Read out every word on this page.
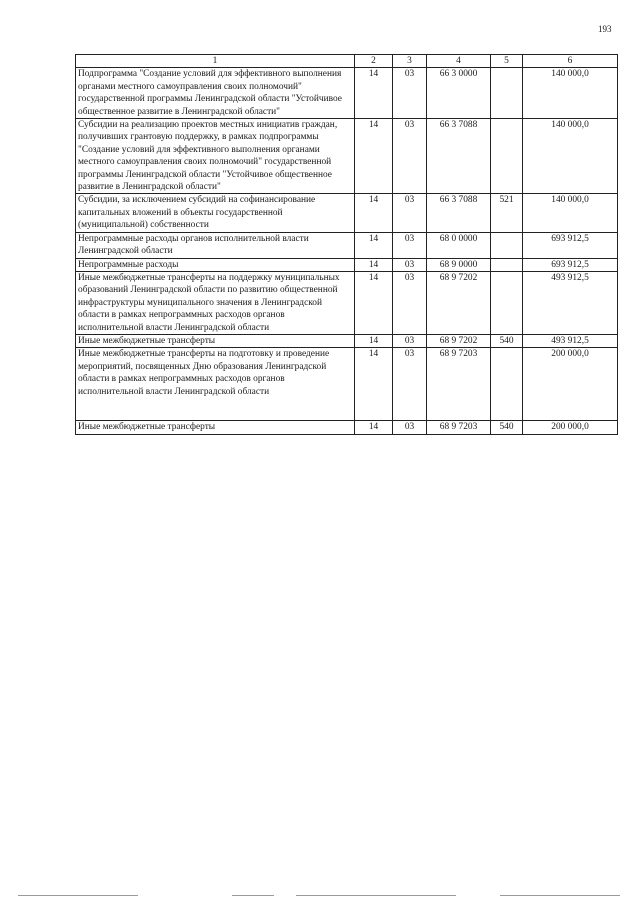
193
1	2	3	4	5	6
Подпрограмма "Создание условий для эффективного выполнения органами местного самоуправления своих полномочий" государственной программы Ленинградской области "Устойчивое общественное развитие в Ленинградской области"	14	03	66 3 0000		140 000,0
Субсидии на реализацию проектов местных инициатив граждан, получивших грантовую поддержку, в рамках подпрограммы "Создание условий для эффективного выполнения органами местного самоуправления своих полномочий" государственной программы Ленинградской области "Устойчивое общественное развитие в Ленинградской области"	14	03	66 3 7088		140 000,0
Субсидии, за исключением субсидий на софинансирование капитальных вложений в объекты государственной (муниципальной) собственности	14	03	66 3 7088	521	140 000,0
Непрограммные расходы органов исполнительной власти Ленинградской области	14	03	68 0 0000		693 912,5
Непрограммные расходы	14	03	68 9 0000		693 912,5
Иные межбюджетные трансферты на поддержку муниципальных образований Ленинградской области по развитию общественной инфраструктуры муниципального значения в Ленинградской области в рамках непрограммных расходов органов исполнительной власти Ленинградской области	14	03	68 9 7202		493 912,5
Иные межбюджетные трансферты	14	03	68 9 7202	540	493 912,5
Иные межбюджетные трансферты на подготовку и проведение мероприятий, посвященных Дню образования Ленинградской области в рамках непрограммных расходов органов исполнительной власти Ленинградской области	14	03	68 9 7203		200 000,0
Иные межбюджетные трансферты	14	03	68 9 7203	540	200 000,0
